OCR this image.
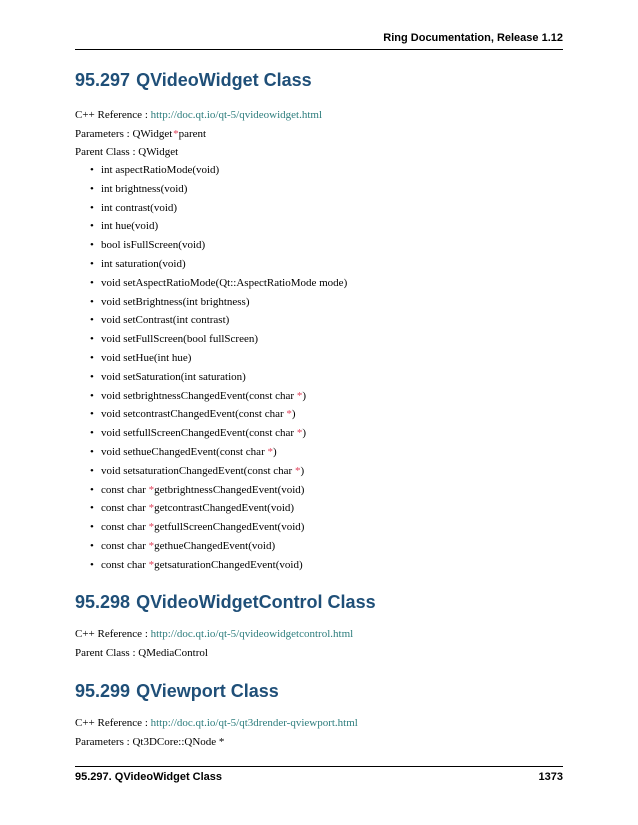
Ring Documentation, Release 1.12
95.297 QVideoWidget Class
C++ Reference : http://doc.qt.io/qt-5/qvideowidget.html
Parameters : QWidget *parent
Parent Class : QWidget
• int aspectRatioMode(void)
• int brightness(void)
• int contrast(void)
• int hue(void)
• bool isFullScreen(void)
• int saturation(void)
• void setAspectRatioMode(Qt::AspectRatioMode mode)
• void setBrightness(int brightness)
• void setContrast(int contrast)
• void setFullScreen(bool fullScreen)
• void setHue(int hue)
• void setSaturation(int saturation)
• void setbrightnessChangedEvent(const char *)
• void setcontrastChangedEvent(const char *)
• void setfullScreenChangedEvent(const char *)
• void sethueChangedEvent(const char *)
• void setsaturationChangedEvent(const char *)
• const char *getbrightnessChangedEvent(void)
• const char *getcontrastChangedEvent(void)
• const char *getfullScreenChangedEvent(void)
• const char *gethueChangedEvent(void)
• const char *getsaturationChangedEvent(void)
95.298 QVideoWidgetControl Class
C++ Reference : http://doc.qt.io/qt-5/qvideowidgetcontrol.html
Parent Class : QMediaControl
95.299 QViewport Class
C++ Reference : http://doc.qt.io/qt-5/qt3drender-qviewport.html
Parameters : Qt3DCore::QNode *
95.297. QVideoWidget Class	1373
